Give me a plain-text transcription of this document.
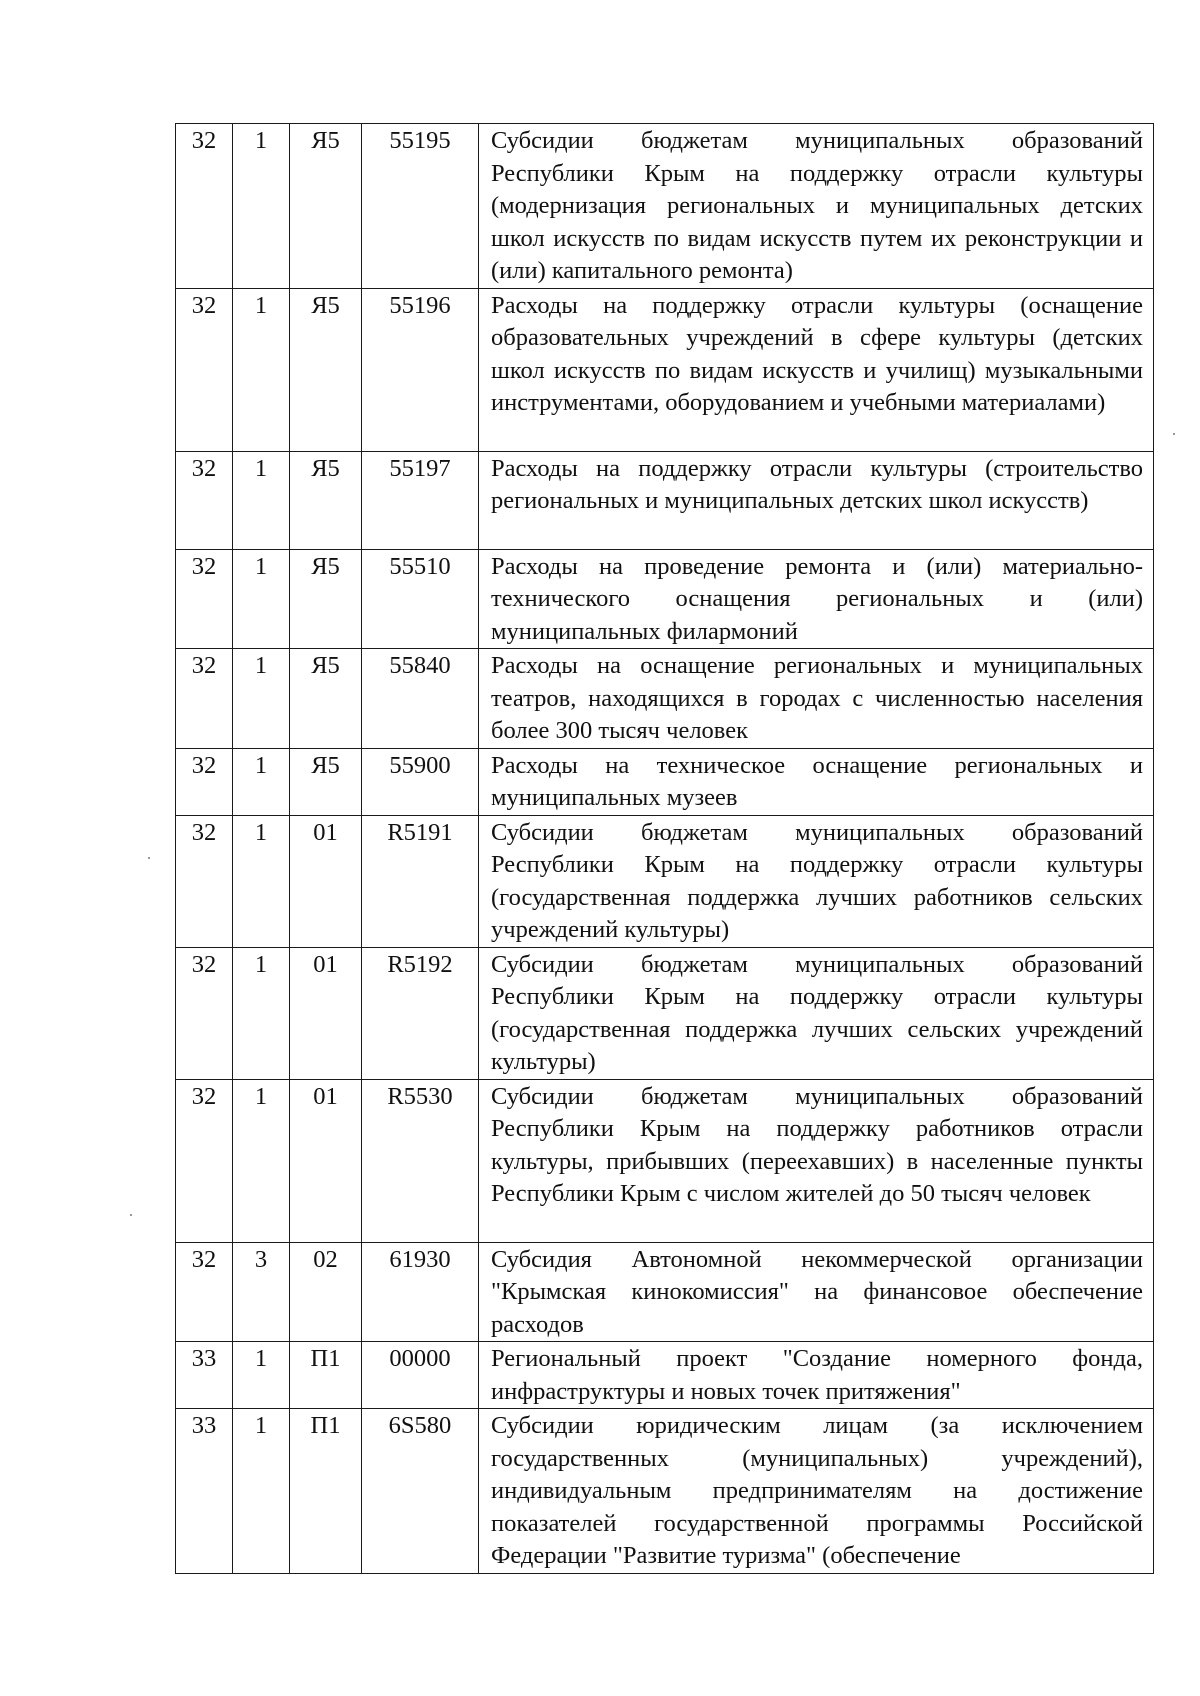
32	1	Я5	55195	Субсидии бюджетам муниципальных образований Республики Крым на поддержку отрасли культуры (модернизация региональных и муниципальных детских школ искусств по видам искусств путем их реконструкции и (или) капитального ремонта)
32	1	Я5	55196	Расходы на поддержку отрасли культуры (оснащение образовательных учреждений в сфере культуры (детских школ искусств по видам искусств и училищ) музыкальными инструментами, оборудованием и учебными материалами)
32	1	Я5	55197	Расходы на поддержку отрасли культуры (строительство региональных и муниципальных детских школ искусств)
32	1	Я5	55510	Расходы на проведение ремонта и (или) материально-технического оснащения региональных и (или) муниципальных филармоний
32	1	Я5	55840	Расходы на оснащение региональных и муниципальных театров, находящихся в городах с численностью населения более 300 тысяч человек
32	1	Я5	55900	Расходы на техническое оснащение региональных и муниципальных музеев
32	1	01	R5191	Субсидии бюджетам муниципальных образований Республики Крым на поддержку отрасли культуры (государственная поддержка лучших работников сельских учреждений культуры)
32	1	01	R5192	Субсидии бюджетам муниципальных образований Республики Крым на поддержку отрасли культуры (государственная поддержка лучших сельских учреждений культуры)
32	1	01	R5530	Субсидии бюджетам муниципальных образований Республики Крым на поддержку работников отрасли культуры, прибывших (переехавших) в населенные пункты Республики Крым с числом жителей до 50 тысяч человек
32	3	02	61930	Субсидия Автономной некоммерческой организации "Крымская кинокомиссия" на финансовое обеспечение расходов
33	1	П1	00000	Региональный проект "Создание номерного фонда, инфраструктуры и новых точек притяжения"
33	1	П1	6S580	Субсидии юридическим лицам (за исключением государственных (муниципальных) учреждений), индивидуальным предпринимателям на достижение показателей государственной программы Российской Федерации "Развитие туризма" (обеспечение
